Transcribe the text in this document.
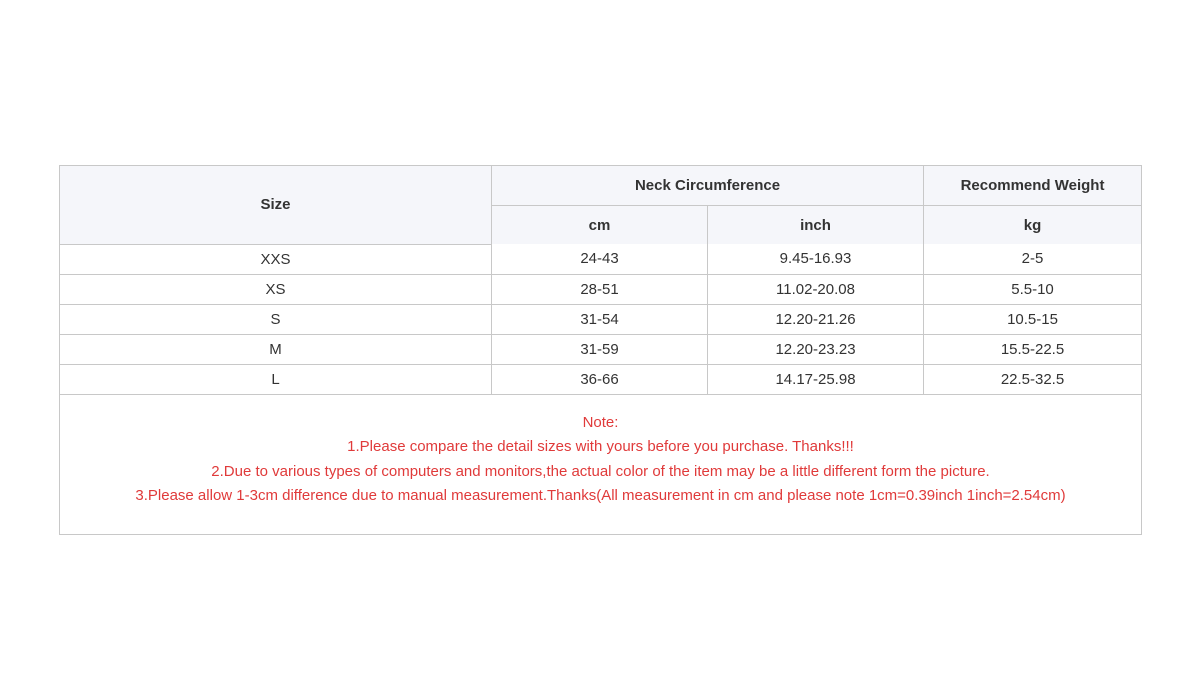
Size	Neck Circumference		Recommend Weight
	cm	inch	kg
XXS	24-43	9.45-16.93	2-5
XS	28-51	11.02-20.08	5.5-10
S	31-54	12.20-21.26	10.5-15
M	31-59	12.20-23.23	15.5-22.5
L	36-66	14.17-25.98	22.5-32.5

Note:
1.Please compare the detail sizes with yours before you purchase. Thanks!!!
2.Due to various types of computers and monitors,the actual color of the item may be a little different form the picture.
3.Please allow 1-3cm difference due to manual measurement.Thanks(All measurement in cm and please note 1cm=0.39inch 1inch=2.54cm)			
